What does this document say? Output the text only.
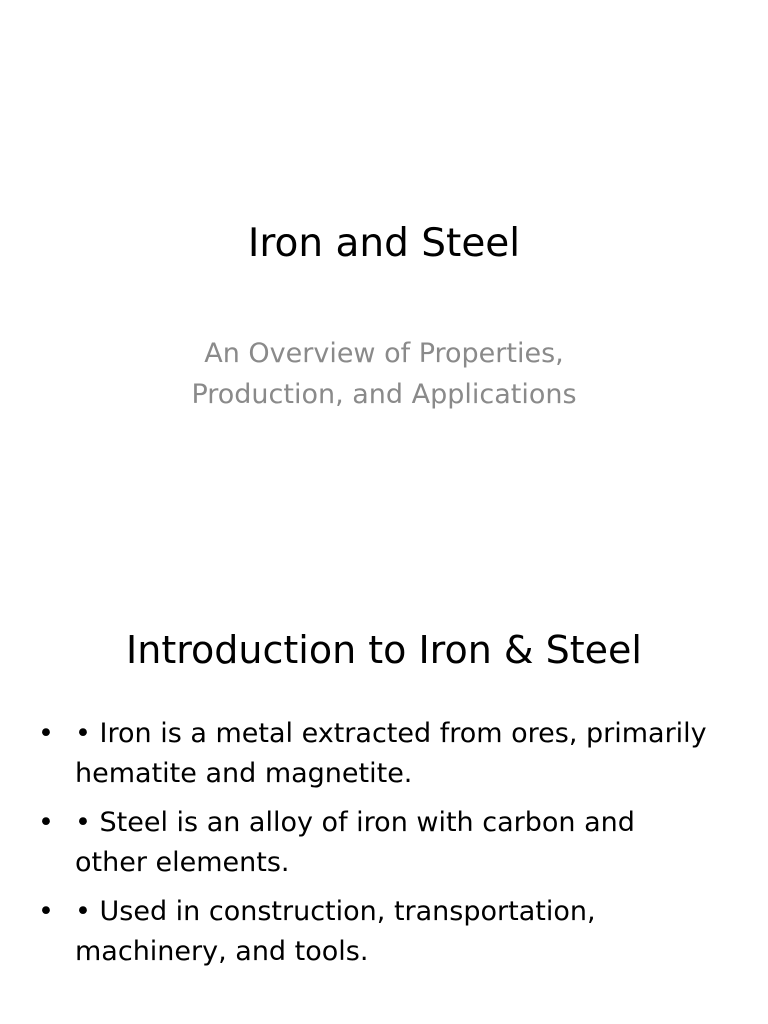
Iron and Steel
An Overview of Properties,
Production, and Applications
Introduction to Iron & Steel
• • Iron is a metal extracted from ores, primarily
hematite and magnetite.
• • Steel is an alloy of iron with carbon and
other elements.
• • Used in construction, transportation,
machinery, and tools.
